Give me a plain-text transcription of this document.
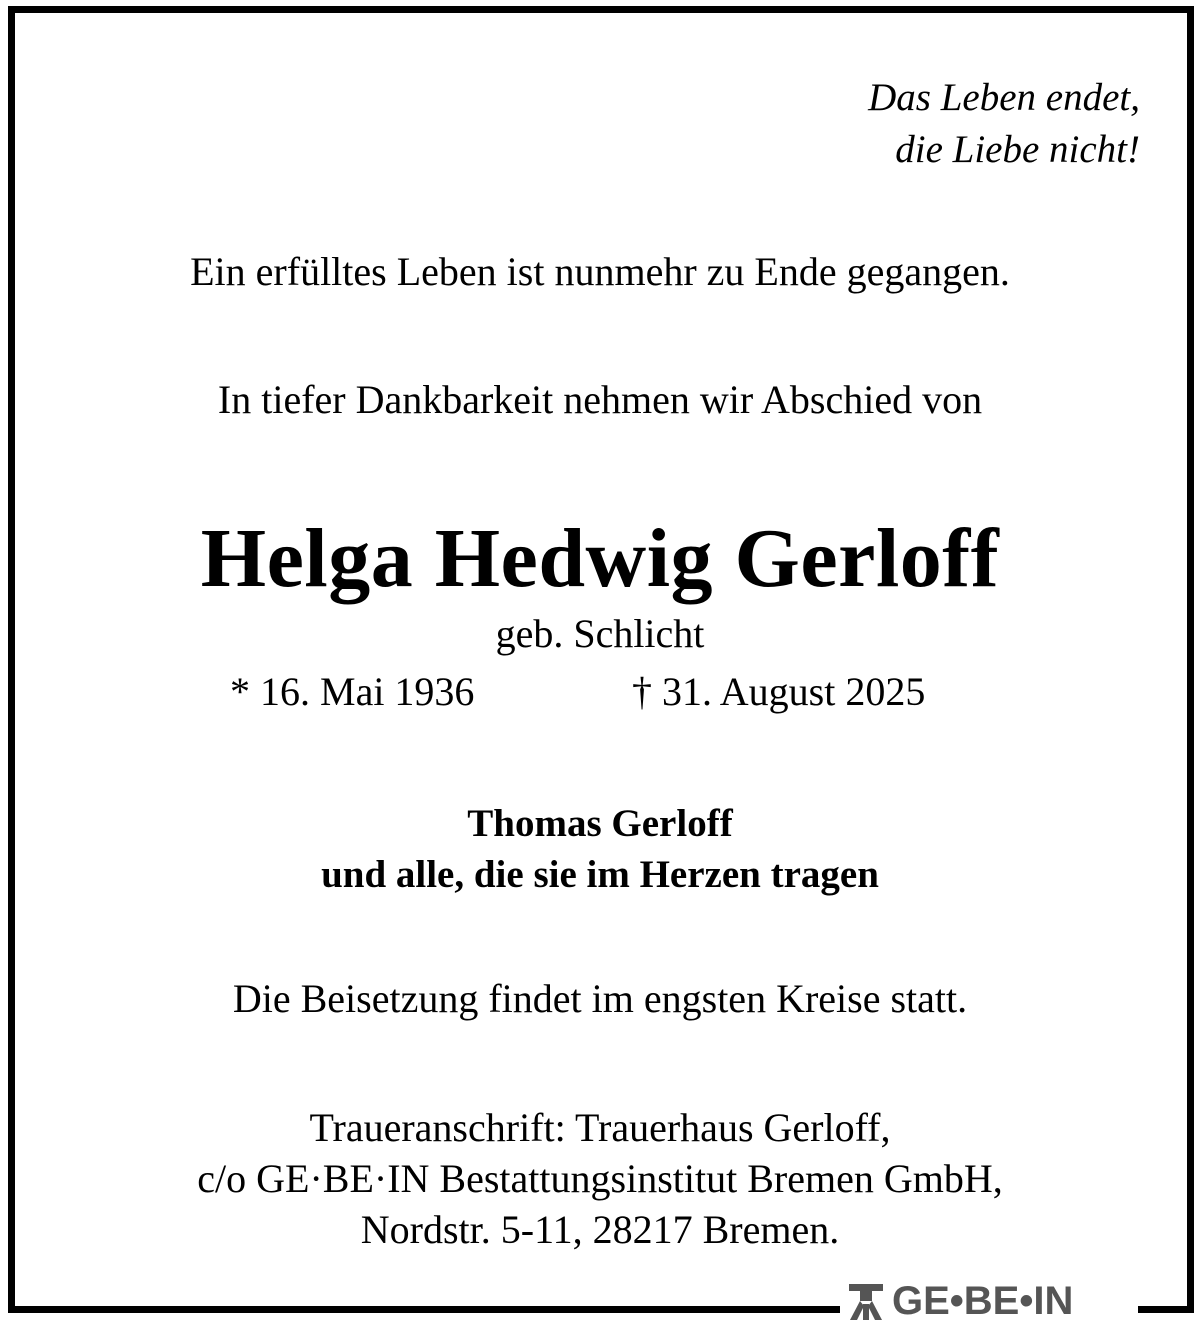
Das Leben endet,
die Liebe nicht!
Ein erfülltes Leben ist nunmehr zu Ende gegangen.
In tiefer Dankbarkeit nehmen wir Abschied von
Helga Hedwig Gerloff
geb. Schlicht
* 16. Mai 1936	† 31. August 2025
Thomas Gerloff
und alle, die sie im Herzen tragen
Die Beisetzung findet im engsten Kreise statt.
Traueranschrift: Trauerhaus Gerloff,
c/o GE·BE·IN Bestattungsinstitut Bremen GmbH,
Nordstr. 5-11, 28217 Bremen.
GE•BE•IN
